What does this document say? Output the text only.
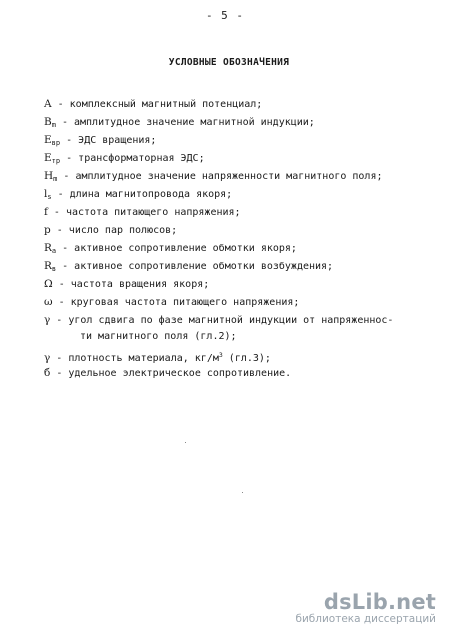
- 5 -
УСЛОВНЫЕ ОБОЗНАЧЕНИЯ
A - комплексный магнитный потенциал;
$B_m$ - амплитудное значение магнитной индукции;
$E_{вр}$ - ЭДС вращения;
$E_{тр}$ - трансформаторная ЭДС;
$H_m$ - амплитудное значение напряженности магнитного поля;
$l_s$ - длина магнитопровода якоря;
f - частота питающего напряжения;
p - число пар полюсов;
$R_a$ - активное сопротивление обмотки якоря;
$R_в$ - активное сопротивление обмотки возбуждения;
Ω - частота вращения якоря;
ω - круговая частота питающего напряжения;
γ - угол сдвига по фазе магнитной индукции от напряженнос-
ти магнитного поля (гл.2);
γ - плотность материала, $кг/м^3$ (гл.3);
б - удельное электрическое сопротивление.
dsLib.net
библиотека диссертаций
